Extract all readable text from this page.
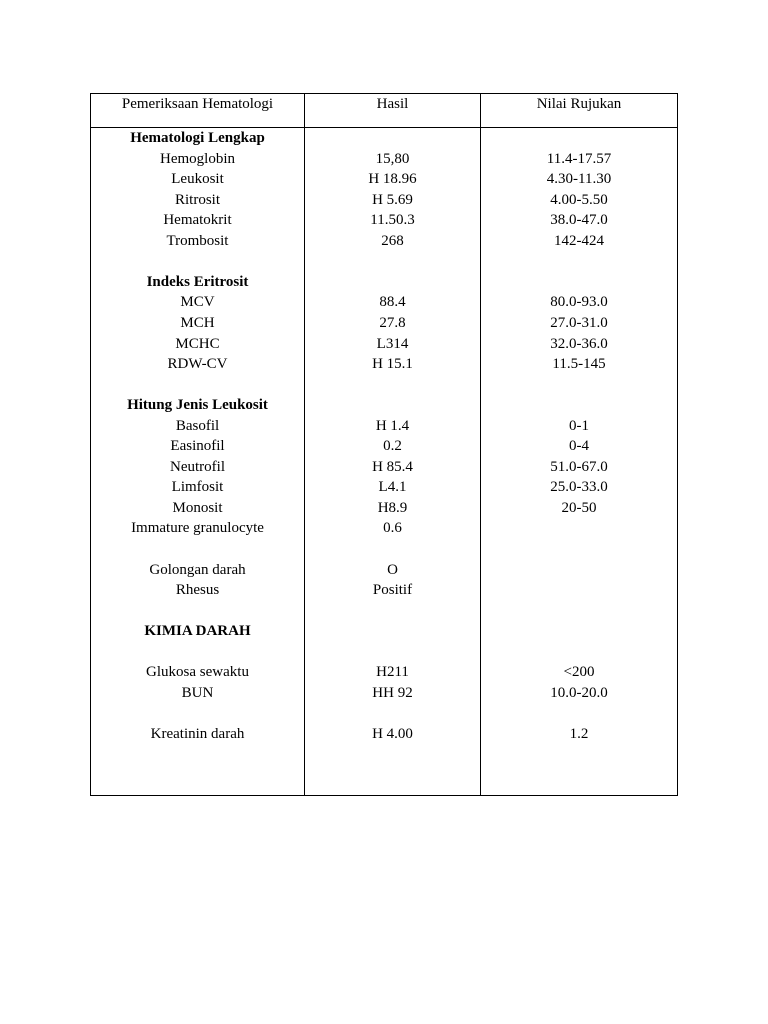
Pemeriksaan Hematologi	Hasil	Nilai Rujukan
Hematologi Lengkap
Hemoglobin	15,80	11.4-17.57
Leukosit	H 18.96	4.30-11.30
Ritrosit	H 5.69	4.00-5.50
Hematokrit	11.50.3	38.0-47.0
Trombosit	268	142-424
Indeks Eritrosit
MCV	88.4	80.0-93.0
MCH	27.8	27.0-31.0
MCHC	L314	32.0-36.0
RDW-CV	H 15.1	11.5-145
Hitung Jenis Leukosit
Basofil	H 1.4	0-1
Easinofil	0.2	0-4
Neutrofil	H 85.4	51.0-67.0
Limfosit	L4.1	25.0-33.0
Monosit	H8.9	20-50
Immature granulocyte	0.6
Golongan darah	O
Rhesus	Positif
KIMIA DARAH
Glukosa sewaktu	H211	<200
BUN	HH 92	10.0-20.0
Kreatinin darah	H 4.00	1.2
